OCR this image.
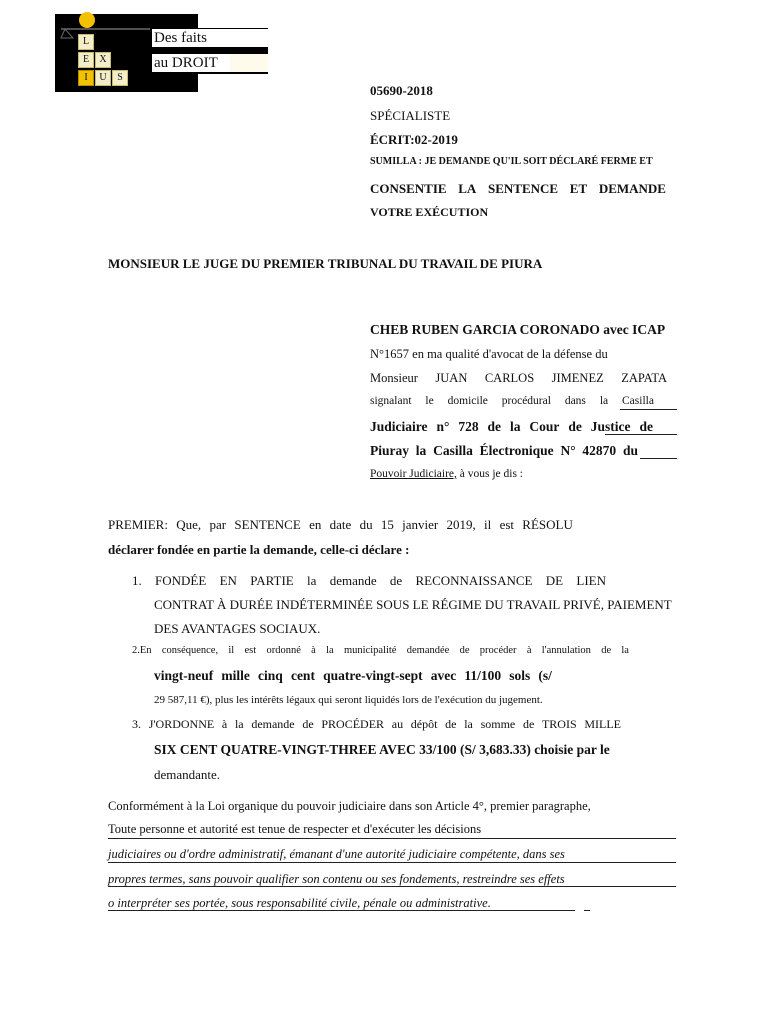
L
E	X
I	U	S
Des faits
au DROIT
05690-2018
SPÉCIALISTE
ÉCRIT:02-2019
SUMILLA : JE DEMANDE QU'IL SOIT DÉCLARÉ FERME ET
CONSENTIE LA SENTENCE ET DEMANDE
VOTRE EXÉCUTION
MONSIEUR LE JUGE DU PREMIER TRIBUNAL DU TRAVAIL DE PIURA
CHEB RUBEN GARCIA CORONADO avec ICAP
N°1657 en ma qualité d'avocat de la défense du
Monsieur JUAN CARLOS JIMENEZ ZAPATA
signalant le domicile procédural dans la Casilla
Judiciaire n° 728 de la Cour de Justice de
Piuray la Casilla Électronique N° 42870 du
Pouvoir Judiciaire, à vous je dis :
PREMIER: Que, par SENTENCE en date du 15 janvier 2019, il est RÉSOLU
déclarer fondée en partie la demande, celle-ci déclare :
1. FONDÉE EN PARTIE la demande de RECONNAISSANCE DE LIEN
CONTRAT À DURÉE INDÉTERMINÉE SOUS LE RÉGIME DU TRAVAIL PRIVÉ, PAIEMENT
DES AVANTAGES SOCIAUX.
2.En conséquence, il est ordonné à la municipalité demandée de procéder à l'annulation de la
vingt-neuf mille cinq cent quatre-vingt-sept avec 11/100 sols (s/
29 587,11 €), plus les intérêts légaux qui seront liquidés lors de l'exécution du jugement.
3. J'ORDONNE à la demande de PROCÉDER au dépôt de la somme de TROIS MILLE
SIX CENT QUATRE-VINGT-THREE AVEC 33/100 (S/ 3,683.33) choisie par le
demandante.
Conformément à la Loi organique du pouvoir judiciaire dans son Article 4°, premier paragraphe,
Toute personne et autorité est tenue de respecter et d'exécuter les décisions
judiciaires ou d'ordre administratif, émanant d'une autorité judiciaire compétente, dans ses
propres termes, sans pouvoir qualifier son contenu ou ses fondements, restreindre ses effets
o interpréter ses portée, sous responsabilité civile, pénale ou administrative.
